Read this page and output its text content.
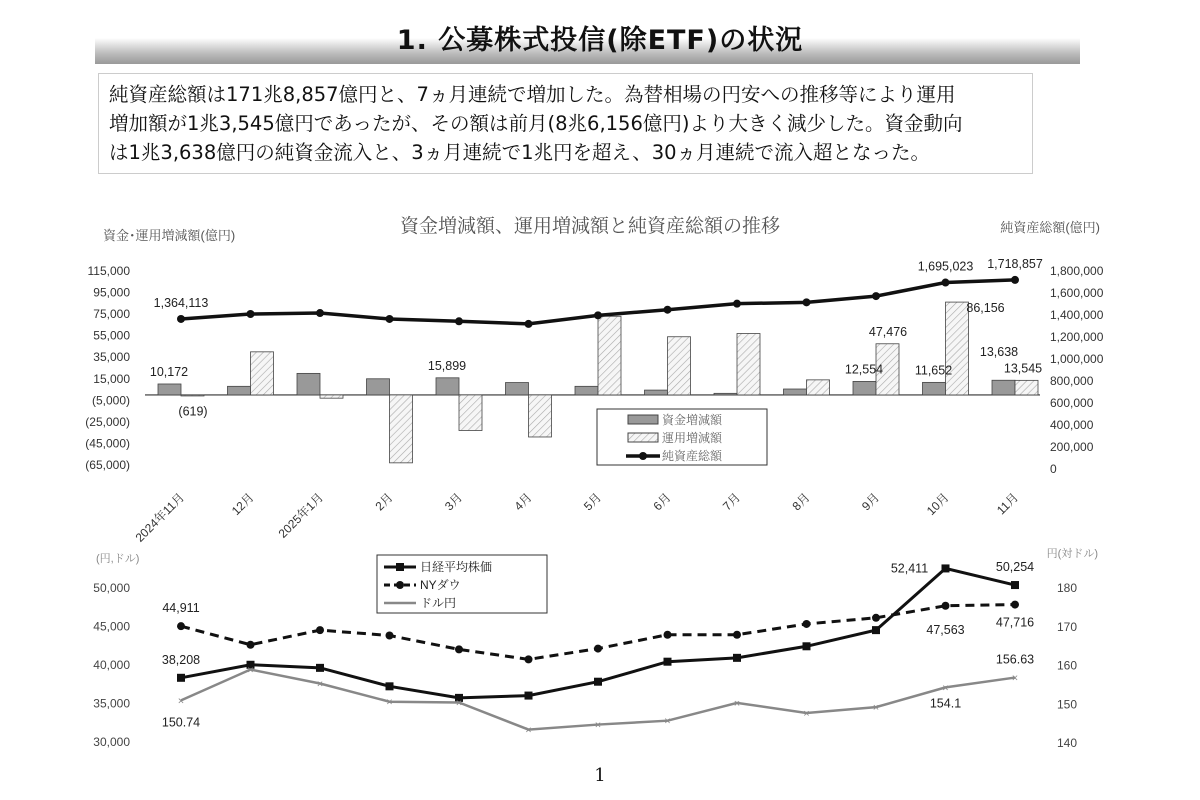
1. 公募株式投信(除ETF)の状況
純資産総額は171兆8,857億円と、7ヵ月連続で増加した。為替相場の円安への推移等により運用
増加額が1兆3,545億円であったが、その額は前月(8兆6,156億円)より大きく減少した。資金動向
は1兆3,638億円の純資金流入と、3ヵ月連続で1兆円を超え、30ヵ月連続で流入超となった。
資金増減額、運用増減額と純資産総額の推移
資金･運用増減額(億円)
純資産総額(億円)
115,000
95,000
75,000
55,000
35,000
15,000
(5,000)
(25,000)
(45,000)
(65,000)
1,800,000
1,600,000
1,400,000
1,200,000
1,000,000
800,000
600,000
400,000
200,000
0
2024年11月	12月 2025年1月	2月	3月	4月	5月	6月	7月	8月	9月	10月	11月
10,172
(619)
15,899	12,554
47,476
11,652
86,156
13,638
13,545
1,364,113
1,695,023 1,718,857
資金増減額
運用増減額
純資産総額
(円,ドル)	円(対ドル)
50,000
45,000
40,000
35,000
30,000
180
170
160
150
140
×
×
×
×	×
×	×	×
×
×	×
×
×
38,208
44,911
150.74
52,411
47,563
154.1
50,254
47,716
156.63
日経平均株価
NYダウ
ドル円
1
